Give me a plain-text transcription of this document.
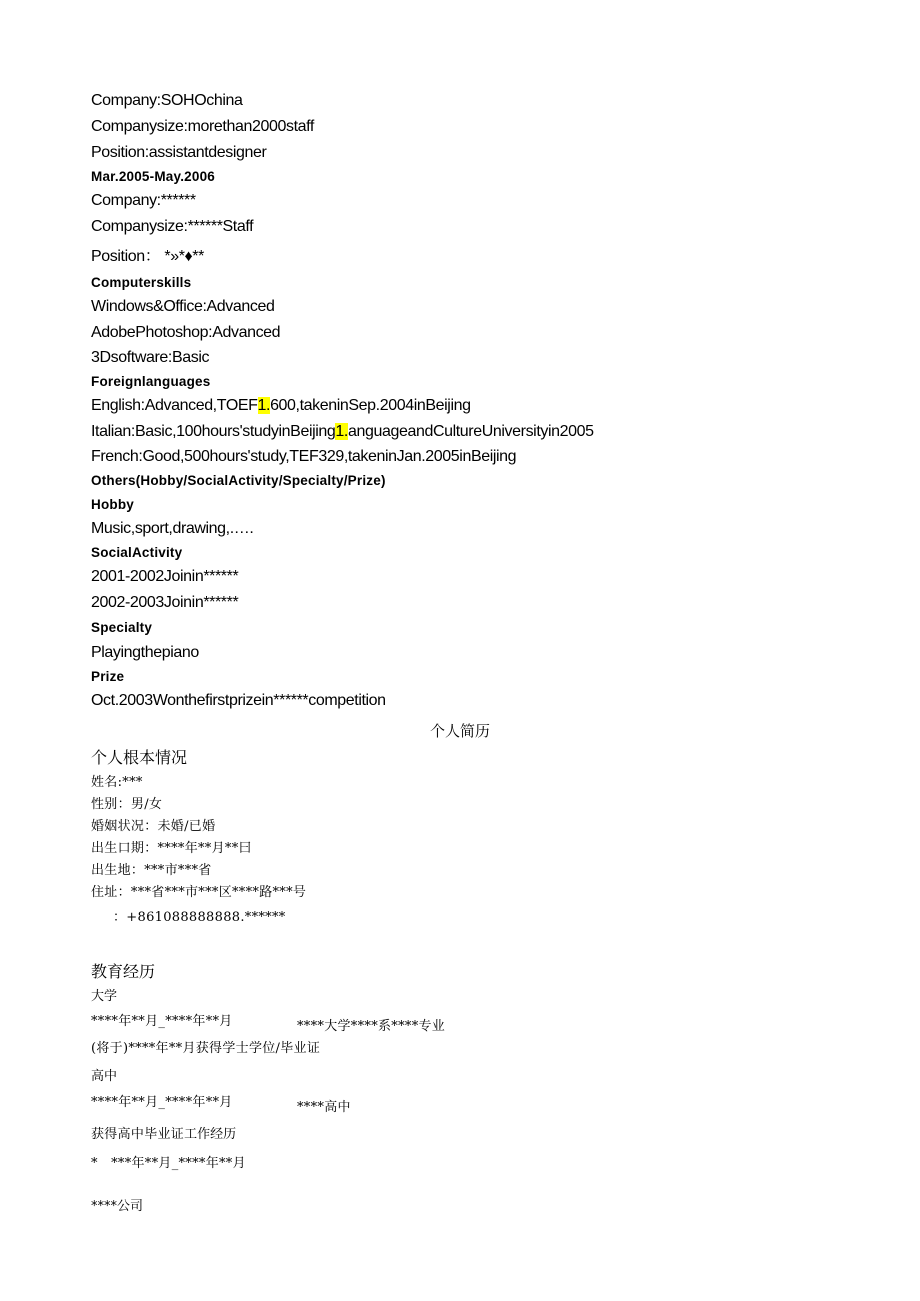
Company:SOHOchina
Companysize:morethan2000staff
Position:assistantdesigner
Mar.2005-May.2006
Company:******
Companysize:******Staff
Position： *»*♦**
Computerskills
Windows&Office:Advanced
AdobePhotoshop:Advanced
3Dsoftware:Basic
Foreignlanguages
English:Advanced,TOEF1.600,takeninSep.2004inBeijing
Italian:Basic,100hours'studyinBeijing1.anguageandCultureUniversityin2005
French:Good,500hours'study,TEF329,takeninJan.2005inBeijing
Others(Hobby/SocialActivity/Specialty/Prize)
Hobby
Music,sport,drawing,.….
SocialActivity
2001-2002Joinin******
2002-2003Joinin******
Specialty
Playingthepiano
Prize
Oct.2003Wonthefirstprizein******competition
个人简历
个人根本情况
姓名:***
性别：男/女
婚姻状况：未婚/已婚
出生口期：****年**月**曰
出生地：***市***省
住址：***省***市***区****路***号
：+861088888888.******
教育经历
大学
****年**月_****年**月	****大学****系****专业
(将于)****年**月获得学士学位/毕业证
高中
****年**月_****年**月	****高中
获得高中毕业证工作经历
*   ***年**月_****年**月
****公司
